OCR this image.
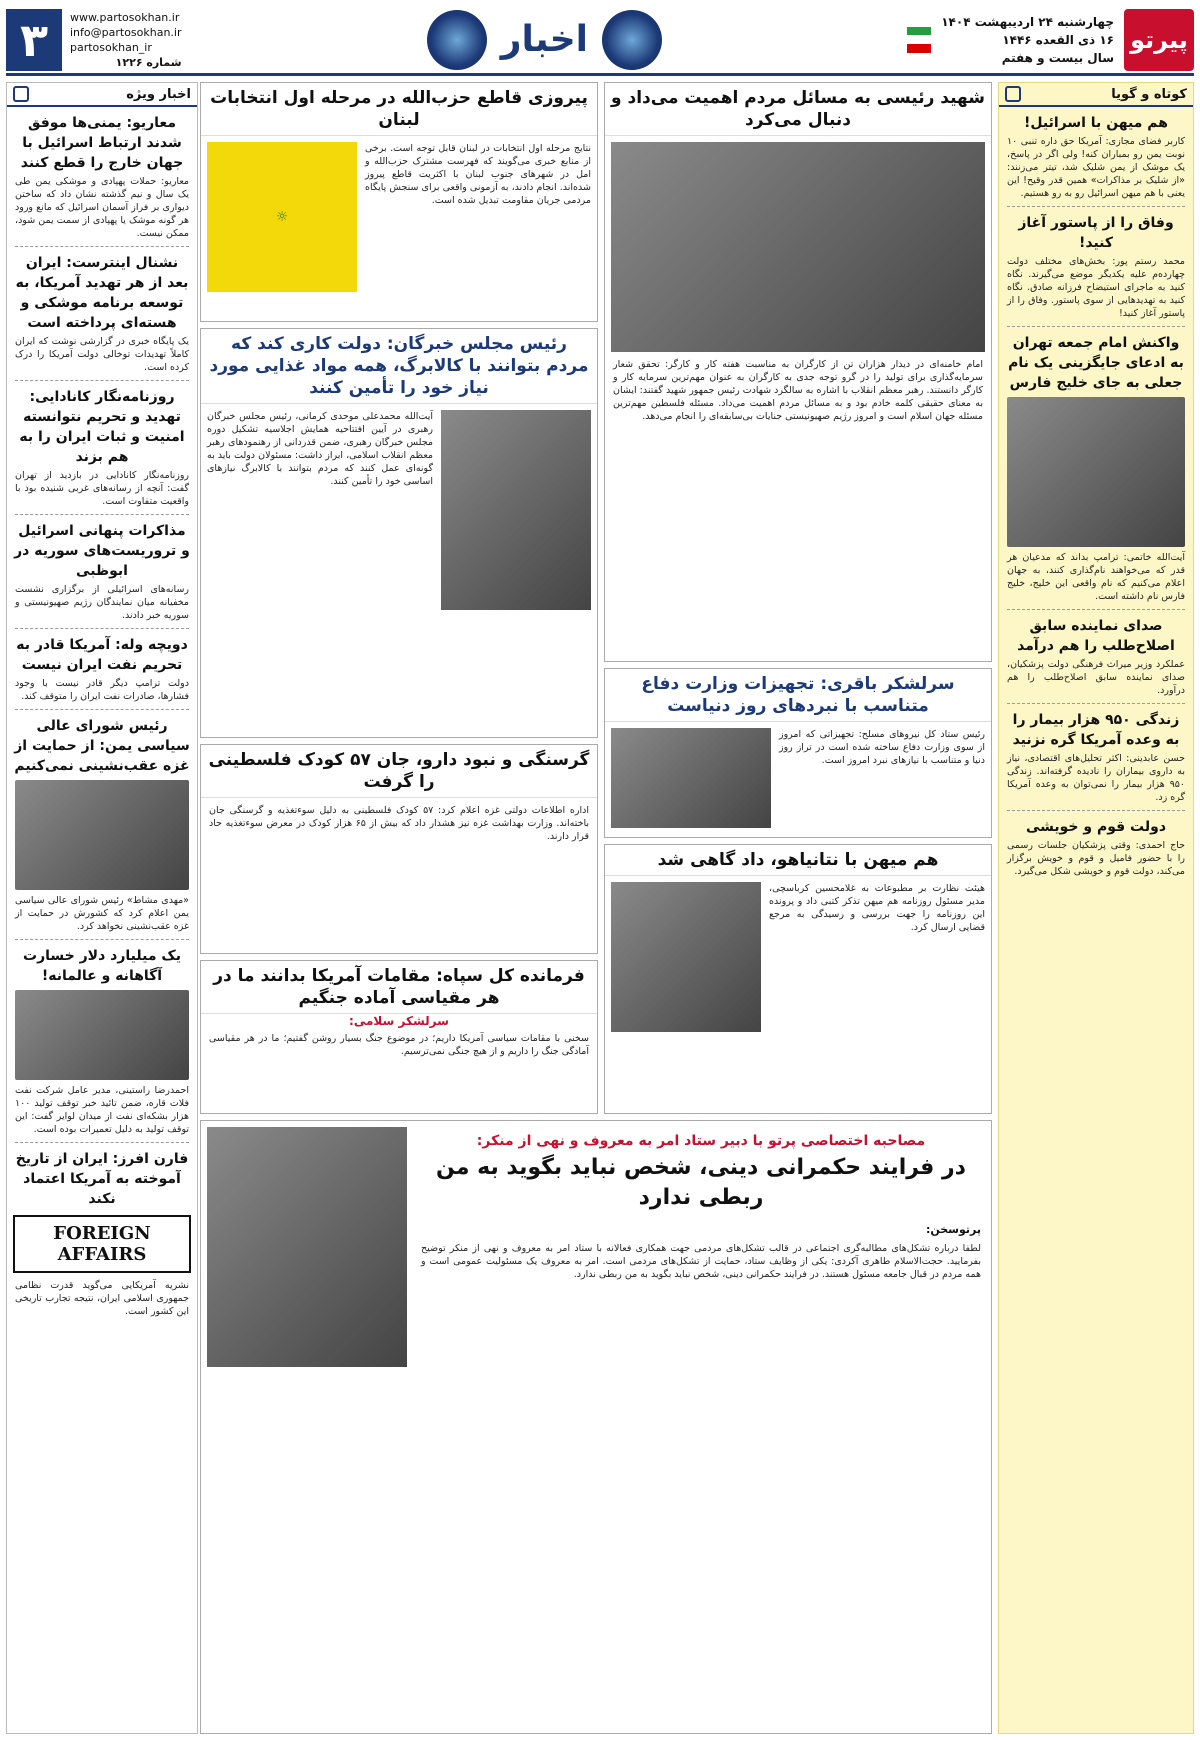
پیرتو
چهارشنبه ۲۴ اردیبهشت ۱۴۰۴
۱۶ ذی القعده ۱۴۴۶
سال بیست و هفتم
اخبار
www.partosokhan.ir
info@partosokhan.ir
partosokhan_ir
شماره ۱۲۲۶
۳
کوتاه و گویا
هم میهن با اسرائیل!
کاربر فضای مجازی: آمریکا حق داره تنبی ۱۰ نوبت یمن رو بمباران کنه! ولی اگر در پاسخ، یک موشک از یمن شلیک شد، تیتر می‌زنند: «از شلیک بر مذاکرات» همین قدر وقیح! این یعنی با هم میهن اسرائیل رو به رو هستیم.
وفاق را از پاستور آغاز کنید!
محمد رستم پور: بخش‌های مختلف دولت چهارده‌م علیه یکدیگر موضع می‌گیرند. نگاه کنید به ماجرای استیضاح فرزانه صادق. نگاه کنید به تهدیدهایی از سوی پاستور. وفاق را از پاستور آغاز کنید!
واکنش امام جمعه تهران به ادعای جایگزینی یک نام جعلی به جای خلیج فارس
آیت‌الله خاتمی: ترامپ بداند که مدعیان هر قدر که می‌خواهند نام‌گذاری کنند، به جهان اعلام می‌کنیم که نام واقعی این خلیج، خلیج فارس نام داشته است.
صدای نماینده سابق اصلاح‌طلب را هم درآمد
عملکرد وزیر میراث فرهنگی دولت پزشکیان، صدای نماینده سابق اصلاح‌طلب را هم درآورد.
زندگی ۹۵۰ هزار بیمار را به وعده آمریکا گره نزنید
حسن عابدینی: اکثر تحلیل‌های اقتصادی، نیاز به داروی بیماران را نادیده گرفته‌اند. زندگی ۹۵۰ هزار بیمار را نمی‌توان به وعده آمریکا گره زد.
دولت قوم و خویشی
حاج احمدی: وقتی پزشکیان جلسات رسمی را با حضور فامیل و قوم و خویش برگزار می‌کند، دولت قوم و خویشی شکل می‌گیرد.
اخبار ویژه
معاریو: یمنی‌ها موفق شدند ارتباط اسرائیل با جهان خارج را قطع کنند
معاریو: حملات پهپادی و موشکی یمن طی یک سال و نیم گذشته نشان داد که ساختن دیواری بر فراز آسمان اسرائیل که مانع ورود هر گونه موشک یا پهپادی از سمت یمن شود، ممکن نیست.
نشنال اینترست: ایران بعد از هر تهدید آمریکا، به توسعه برنامه موشکی و هسته‌ای پرداخته است
یک پایگاه خبری در گزارشی نوشت که ایران کاملاً تهدیدات توخالی دولت آمریکا را درک کرده است.
روزنامه‌نگار کانادایی: تهدید و تحریم نتوانسته امنیت و ثبات ایران را به هم بزند
روزنامه‌نگار کانادایی در بازدید از تهران گفت: آنچه از رسانه‌های غربی شنیده بود با واقعیت متفاوت است.
مذاکرات پنهانی اسرائیل و تروریست‌های سوریه در ابوظبی
رسانه‌های اسرائیلی از برگزاری نشست مخفیانه میان نمایندگان رژیم صهیونیستی و سوریه خبر دادند.
دویچه وله: آمریکا قادر به تحریم نفت ایران نیست
دولت ترامپ دیگر قادر نیست با وجود فشارها، صادرات نفت ایران را متوقف کند.
رئیس شورای عالی سیاسی یمن: از حمایت از غزه عقب‌نشینی نمی‌کنیم
«مهدی مشاط» رئیس شورای عالی سیاسی یمن اعلام کرد که کشورش در حمایت از غزه عقب‌نشینی نخواهد کرد.
یک میلیارد دلار خسارت آگاهانه و عالمانه!
احمدرضا راستینی، مدیر عامل شرکت نفت فلات قاره، ضمن تائید خبر توقف تولید ۱۰۰ هزار بشکه‌ای نفت از میدان لوایر گفت: این توقف تولید به دلیل تعمیرات بوده است.
فارن افرز: ایران از تاریخ آموخته به آمریکا اعتماد نکند
FOREIGN AFFAIRS
نشریه آمریکایی می‌گوید قدرت نظامی جمهوری اسلامی ایران، نتیجه تجارب تاریخی این کشور است.
شهید رئیسی به مسائل مردم اهمیت می‌داد و دنبال می‌کرد
امام خامنه‌ای در دیدار هزاران تن از کارگران به مناسبت هفته کار و کارگر: تحقق شعار سرمایه‌گذاری برای تولید را در گرو توجه جدی به کارگران به عنوان مهم‌ترین سرمایه کار و کارگر دانستند. رهبر معظم انقلاب با اشاره به سالگرد شهادت رئیس جمهور شهید گفتند: ایشان به معنای حقیقی کلمه خادم بود و به مسائل مردم اهمیت می‌داد. مسئله فلسطین مهم‌ترین مسئله جهان اسلام است و امروز رژیم صهیونیستی جنایات بی‌سابقه‌ای را انجام می‌دهد.
پیروزی قاطع حزب‌الله در مرحله اول انتخابات لبنان
نتایج مرحله اول انتخابات در لبنان قابل توجه است. برخی از منابع خبری می‌گویند که فهرست مشترک حزب‌الله و امل در شهرهای جنوب لبنان با اکثریت قاطع پیروز شده‌اند. انجام دادند، به آزمونی واقعی برای سنجش پایگاه مردمی جریان مقاومت تبدیل شده است.
☼
رئیس مجلس خبرگان: دولت کاری کند که مردم بتوانند با کالابرگ، همه مواد غذایی مورد نیاز خود را تأمین کنند
آیت‌الله محمدعلی موحدی کرمانی، رئیس مجلس خبرگان رهبری در آیین افتتاحیه همایش اجلاسیه تشکیل دوره مجلس خبرگان رهبری، ضمن قدردانی از رهنمودهای رهبر معظم انقلاب اسلامی، ابراز داشت: مسئولان دولت باید به گونه‌ای عمل کنند که مردم بتوانند با کالابرگ نیازهای اساسی خود را تأمین کنند.
سرلشکر باقری: تجهیزات وزارت دفاع متناسب با نبردهای روز دنیاست
رئیس ستاد کل نیروهای مسلح: تجهیزاتی که امروز از سوی وزارت دفاع ساخته شده است در تراز روز دنیا و متناسب با نیازهای نبرد امروز است.
گرسنگی و نبود دارو، جان ۵۷ کودک فلسطینی را گرفت
اداره اطلاعات دولتی غزه اعلام کرد: ۵۷ کودک فلسطینی به دلیل سوءتغذیه و گرسنگی جان باخته‌اند. وزارت بهداشت غزه نیز هشدار داد که بیش از ۶۵ هزار کودک در معرض سوءتغذیه حاد قرار دارند.
هم میهن با نتانیاهو، داد گاهی شد
هیئت نظارت بر مطبوعات به غلامحسین کرباسچی، مدیر مسئول روزنامه هم میهن تذکر کتبی داد و پرونده این روزنامه را جهت بررسی و رسیدگی به مرجع قضایی ارسال کرد.
فرمانده کل سپاه: مقامات آمریکا بدانند ما در هر مقیاسی آماده جنگیم
سرلشکر سلامی:
سخنی با مقامات سیاسی آمریکا داریم؛ در موضوع جنگ بسیار روشن گفتیم؛ ما در هر مقیاسی آمادگی جنگ را داریم و از هیچ جنگی نمی‌ترسیم.
مصاحبه اختصاصی پرتو با دبیر ستاد امر به معروف و نهی از منکر:
در فرایند حکمرانی دینی، شخص نباید بگوید به من ربطی ندارد
پرتوسخن:
لطفا درباره تشکل‌های مطالبه‌گری اجتماعی در قالب تشکل‌های مردمی جهت همکاری فعالانه با ستاد امر به معروف و نهی از منکر توضیح بفرمایید. حجت‌الاسلام طاهری آکردی: یکی از وظایف ستاد، حمایت از تشکل‌های مردمی است. امر به معروف یک مسئولیت عمومی است و همه مردم در قبال جامعه مسئول هستند. در فرایند حکمرانی دینی، شخص نباید بگوید به من ربطی ندارد.
